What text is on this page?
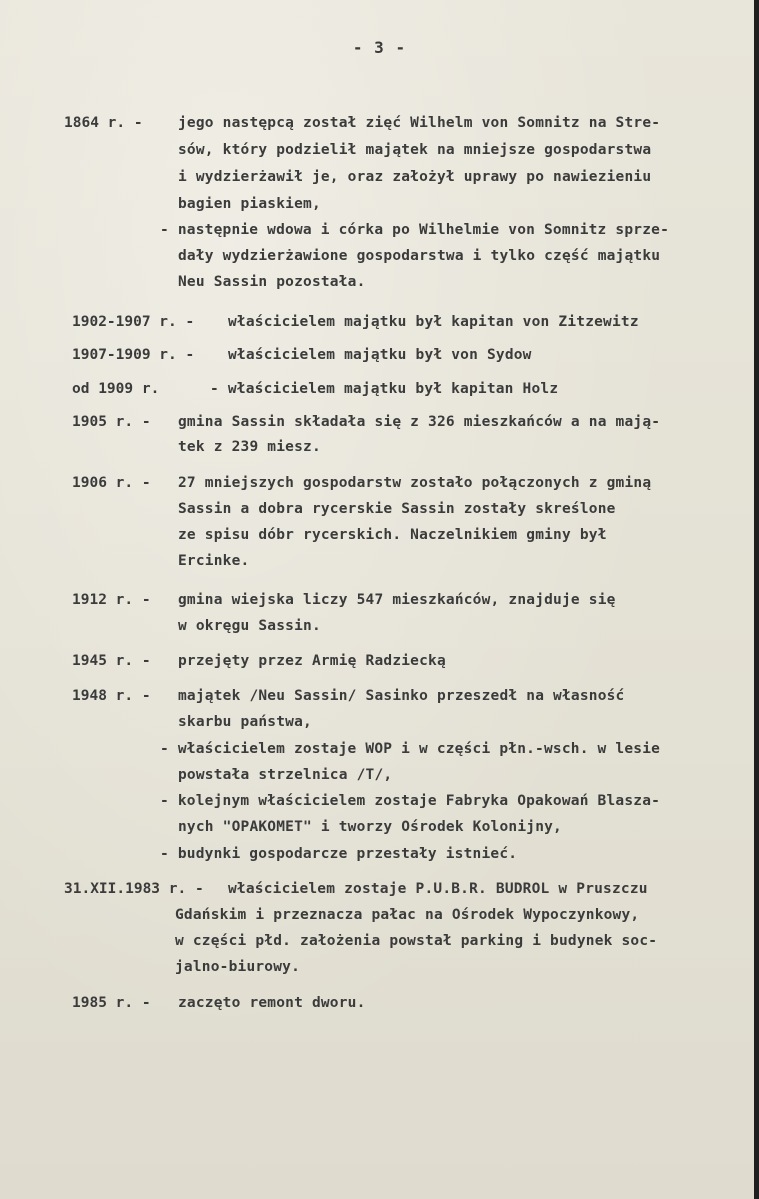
- 3 -
1864 r. - jego następcą został zięć Wilhelm von Somnitz na Stre-
sów, który podzielił majątek na mniejsze gospodarstwa
i wydzierżawił je, oraz założył uprawy po nawiezieniu
bagien piaskiem,
- następnie wdowa i córka po Wilhelmie von Somnitz sprze-
dały wydzierżawione gospodarstwa i tylko część majątku
Neu Sassin pozostała.
1902-1907 r. - właścicielem majątku był kapitan von Zitzewitz
1907-1909 r. - właścicielem majątku był von Sydow
od 1909 r.	- właścicielem majątku był kapitan Holz
1905 r. - gmina Sassin składała się z 326 mieszkańców a na mają-
tek z 239 miesz.
1906 r. - 27 mniejszych gospodarstw zostało połączonych z gminą
Sassin a dobra rycerskie Sassin zostały skreślone
ze spisu dóbr rycerskich. Naczelnikiem gminy był
Ercinke.
1912 r. - gmina wiejska liczy 547 mieszkańców, znajduje się
w okręgu Sassin.
1945 r. - przejęty przez Armię Radziecką
1948 r. - majątek /Neu Sassin/ Sasinko przeszedł na własność
skarbu państwa,
- właścicielem zostaje WOP i w części płn.-wsch. w lesie
powstała strzelnica /T/,
- kolejnym właścicielem zostaje Fabryka Opakowań Blaszа-
nych "OPAKOMET" i tworzy Ośrodek Kolonijny,
- budynki gospodarcze przestały istnieć.
31.XII.1983 r. - właścicielem zostaje P.U.B.R. BUDROL w Pruszczu
Gdańskim i przeznacza pałac na Ośrodek Wypoczynkowy,
w części płd. założenia powstał parking i budynek soc-
jalno-biurowy.
1985 r. - zaczęto remont dworu.
